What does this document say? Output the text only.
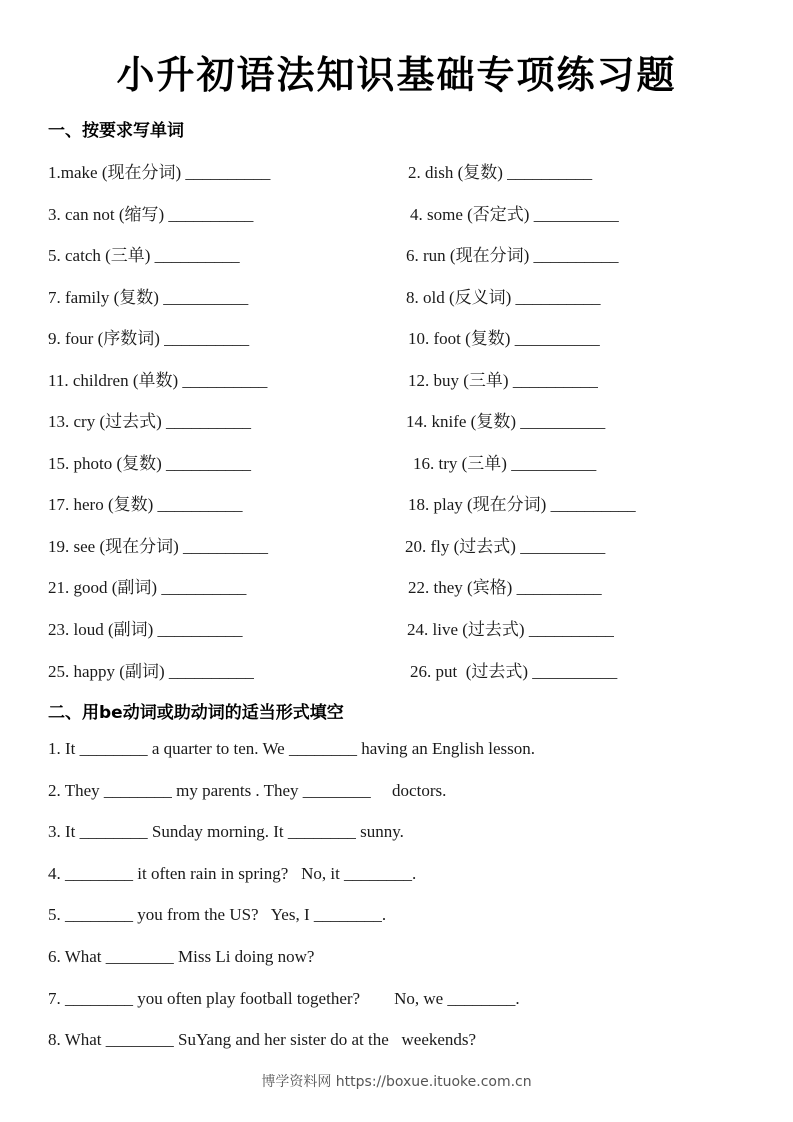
小升初语法知识基础专项练习题
一、按要求写单词
1.make (现在分词) __________	2. dish (复数) __________
3. can not (缩写) __________	4. some (否定式) __________
5. catch (三单) __________	6. run (现在分词) __________
7. family (复数) __________	8. old (反义词) __________
9. four (序数词) __________	10. foot (复数) __________
11. children (单数) __________	12. buy (三单) __________
13. cry (过去式) __________	14. knife (复数) __________
15. photo (复数) __________	16. try (三单) __________
17. hero (复数) __________	18. play (现在分词) __________
19. see (现在分词) __________	20. fly (过去式) __________
21. good (副词) __________	22. they (宾格) __________
23. loud (副词) __________	24. live (过去式) __________
25. happy (副词) __________	26. put  (过去式) __________
二、用be动词或助动词的适当形式填空
1. It ________ a quarter to ten. We ________ having an English lesson.
2. They ________ my parents . They ________     doctors.
3. It ________ Sunday morning. It ________ sunny.
4. ________ it often rain in spring?   No, it ________.
5. ________ you from the US?   Yes, I ________.
6. What ________ Miss Li doing now?
7. ________ you often play football together?        No, we ________.
8. What ________ SuYang and her sister do at the   weekends?
博学资料网 https://boxue.ituoke.com.cn
